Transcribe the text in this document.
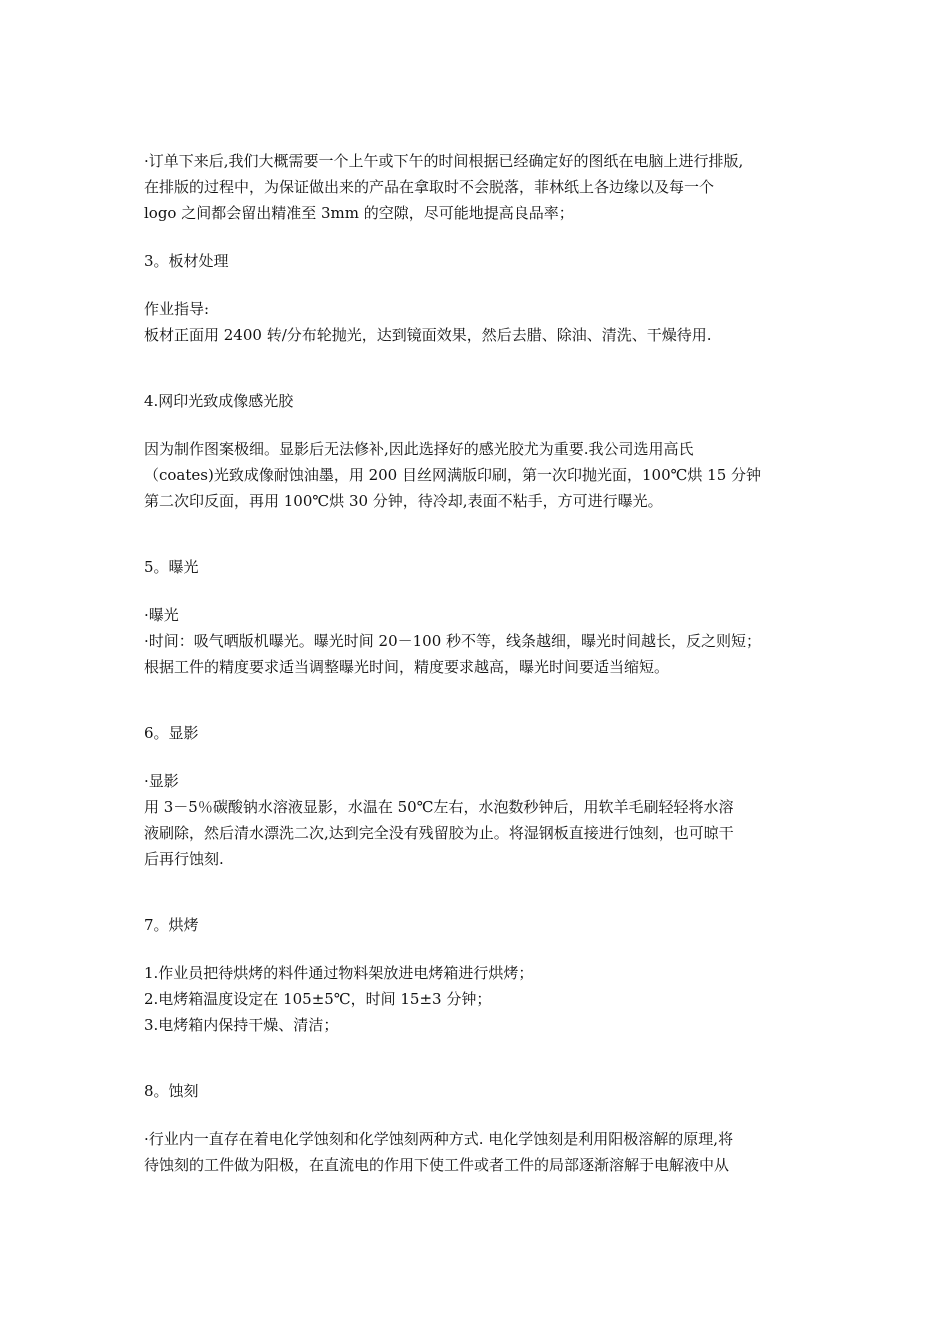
·订单下来后,我们大概需要一个上午或下午的时间根据已经确定好的图纸在电脑上进行排版,

在排版的过程中，为保证做出来的产品在拿取时不会脱落，菲林纸上各边缘以及每一个

logo 之间都会留出精准至 3mm 的空隙，尽可能地提高良品率；

3。板材处理

作业指导:

板材正面用 2400 转/分布轮抛光，达到镜面效果，然后去腊、除油、清洗、干燥待用.

4.网印光致成像感光胶

因为制作图案极细。显影后无法修补,因此选择好的感光胶尤为重要.我公司选用高氏

（coates)光致成像耐蚀油墨，用 200 目丝网满版印刷，第一次印抛光面，100℃烘 15 分钟

第二次印反面，再用 100℃烘 30 分钟，待冷却,表面不粘手，方可进行曝光。

5。曝光

·曝光

·时间：吸气晒版机曝光。曝光时间 20－100 秒不等，线条越细，曝光时间越长，反之则短；

根据工件的精度要求适当调整曝光时间，精度要求越高，曝光时间要适当缩短。

6。显影

·显影

用 3－5％碳酸钠水溶液显影，水温在 50℃左右，水泡数秒钟后，用软羊毛刷轻轻将水溶

液刷除，然后清水漂洗二次,达到完全没有残留胶为止。将湿钢板直接进行蚀刻，也可晾干

后再行蚀刻.

7。烘烤

1.作业员把待烘烤的料件通过物料架放进电烤箱进行烘烤；

2.电烤箱温度设定在 105±5℃，时间 15±3 分钟；

3.电烤箱内保持干燥、清洁；

8。蚀刻

·行业内一直存在着电化学蚀刻和化学蚀刻两种方式. 电化学蚀刻是利用阳极溶解的原理,将

待蚀刻的工件做为阳极，在直流电的作用下使工件或者工件的局部逐渐溶解于电解液中从
